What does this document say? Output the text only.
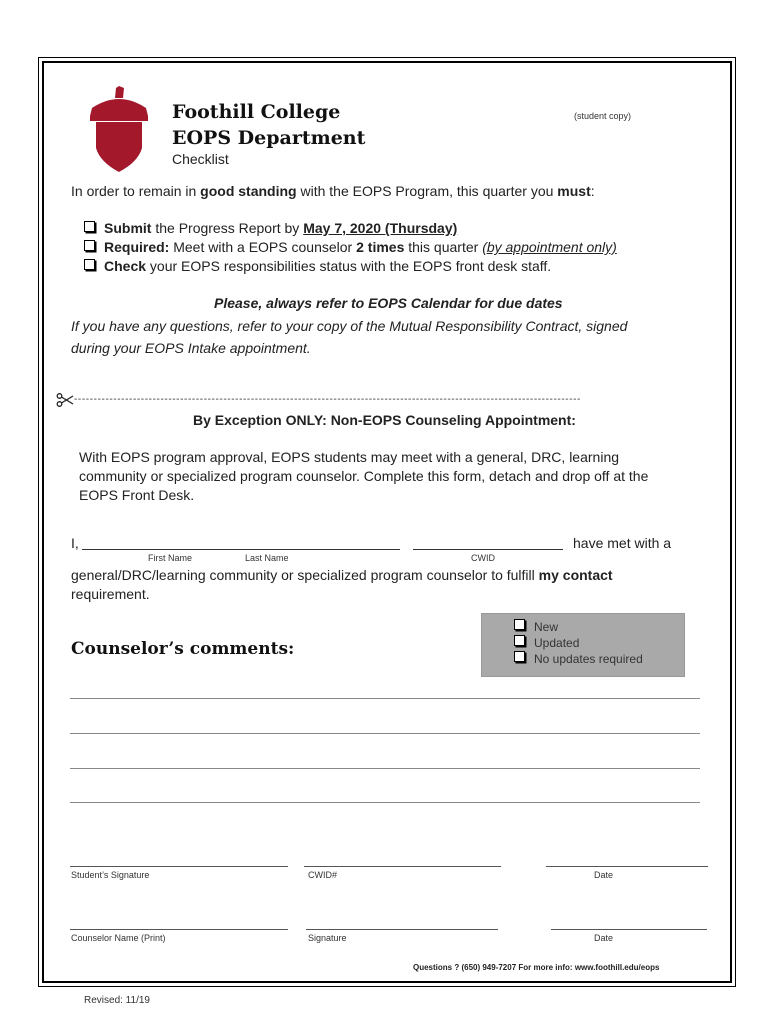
Foothill College
EOPS Department
Checklist
(student copy)
In order to remain in good standing with the EOPS Program, this quarter you must:
Submit the Progress Report by May 7, 2020 (Thursday)
Required: Meet with a EOPS counselor 2 times this quarter (by appointment only)
Check your EOPS responsibilities status with the EOPS front desk staff.
Please, always refer to EOPS Calendar for due dates
If you have any questions, refer to your copy of the Mutual Responsibility Contract, signed
during your EOPS Intake appointment.
---------------------------------------------------------------------------------------------------------------------------------
By Exception ONLY: Non-EOPS Counseling Appointment:
With EOPS program approval, EOPS students may meet with a general, DRC, learning
community or specialized program counselor. Complete this form, detach and drop off at the
EOPS Front Desk.
I,	have met with a
First Name	Last Name	CWID
general/DRC/learning community or specialized program counselor to fulfill my contact
requirement.
Counselor’s comments:
New
Updated
No updates required
Student’s Signature	CWID#	Date
Counselor Name (Print)	Signature	Date
Questions ? (650) 949-7207 For more info: www.foothill.edu/eops
Revised: 11/19
